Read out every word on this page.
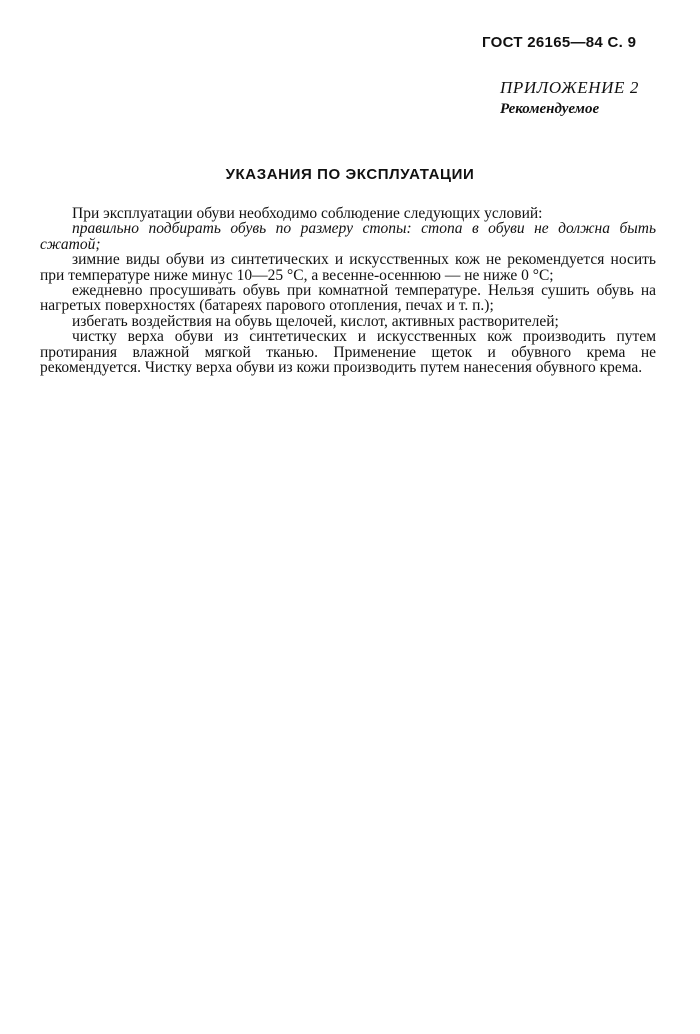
ГОСТ 26165—84 С. 9
ПРИЛОЖЕНИЕ 2
Рекомендуемое
УКАЗАНИЯ ПО ЭКСПЛУАТАЦИИ

При эксплуатации обуви необходимо соблюдение следующих условий:

правильно подбирать обувь по размеру стопы: стопа в обуви не должна быть сжатой;

зимние виды обуви из синтетических и искусственных кож не рекомендуется носить при температуре ниже минус 10—25 °С, а весенне-осеннюю — не ниже 0 °С;

ежедневно просушивать обувь при комнатной температуре. Нельзя сушить обувь на нагретых поверхностях (батареях парового отопления, печах и т. п.);

избегать воздействия на обувь щелочей, кислот, активных растворителей;

чистку верха обуви из синтетических и искусственных кож производить путем протирания влажной мягкой тканью. Применение щеток и обувного крема не рекомендуется. Чистку верха обуви из кожи производить путем нанесения обувного крема.
